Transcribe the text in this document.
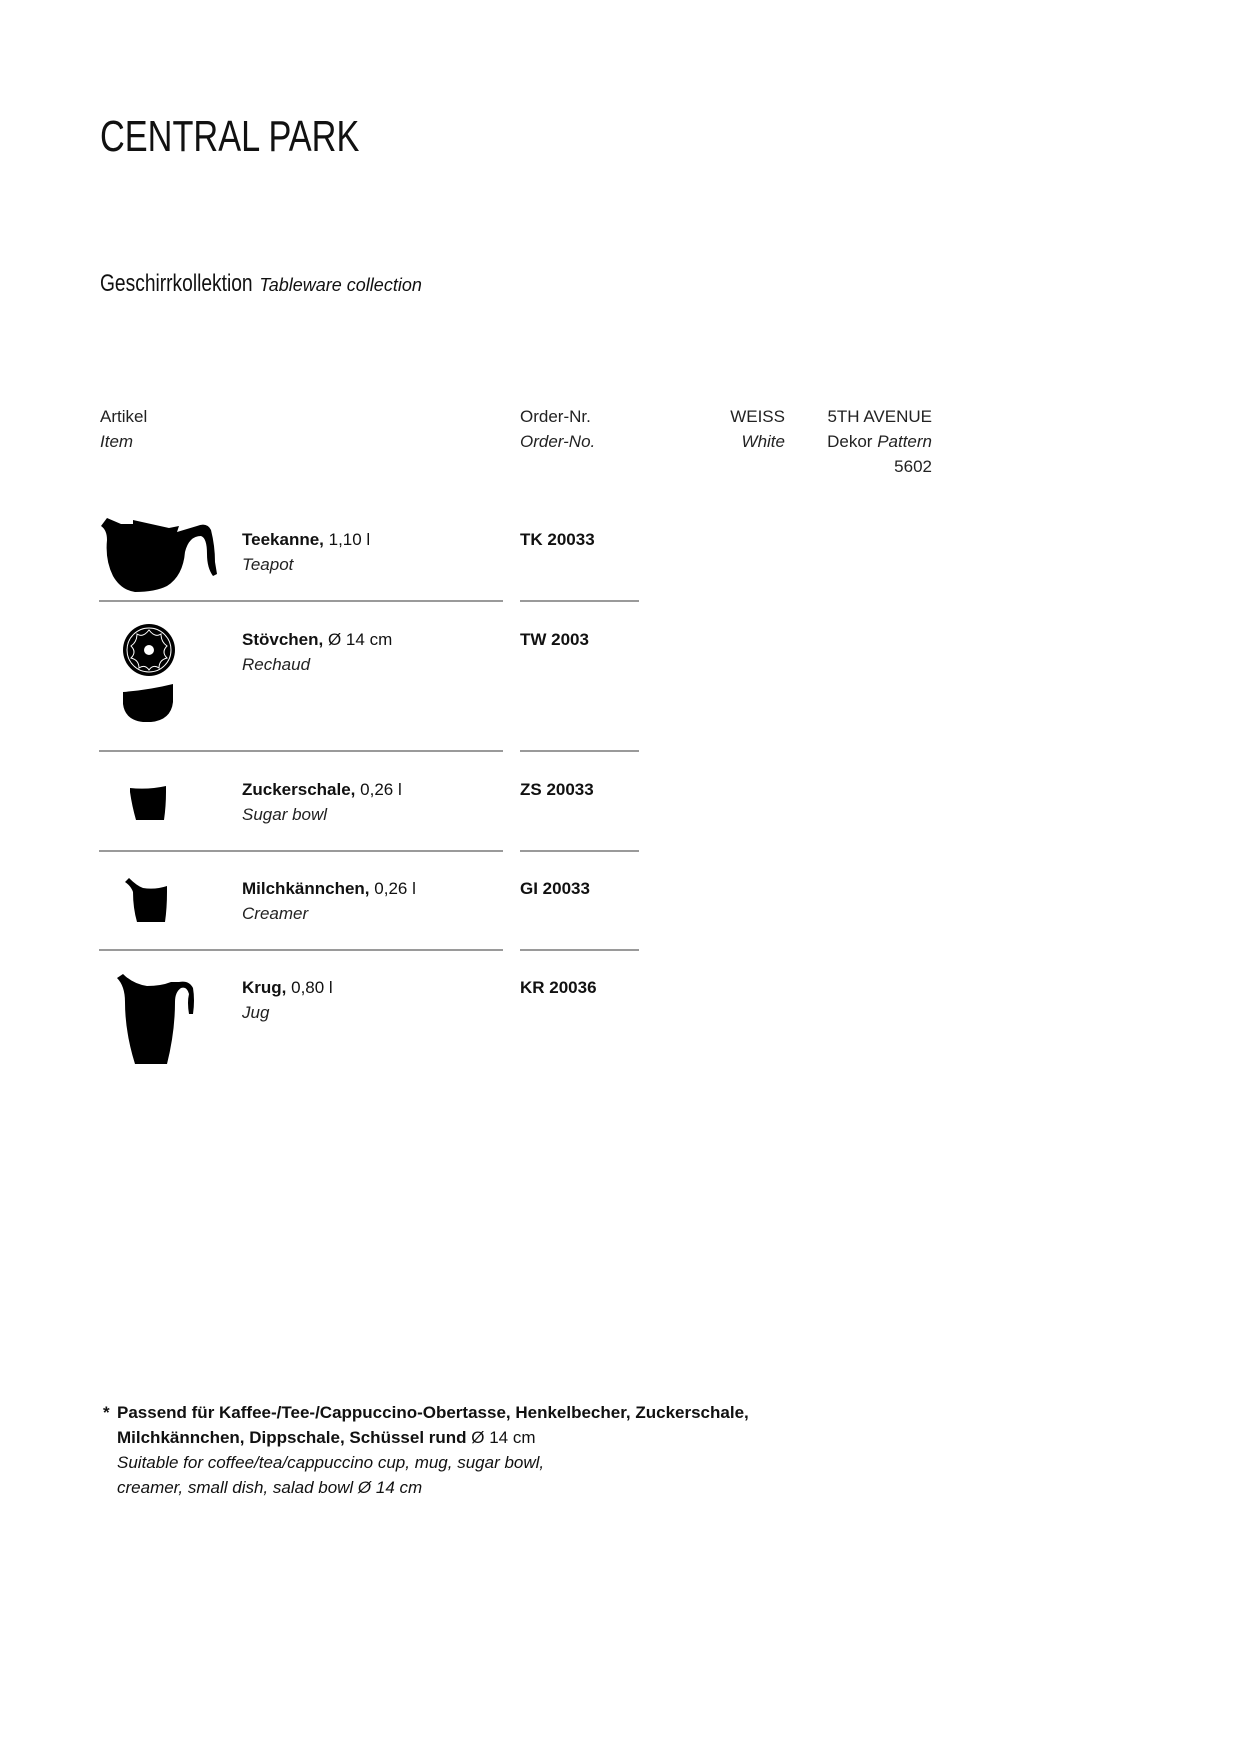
CENTRAL PARK
Geschirrkollektion Tableware collection
Artikel
Item
Order-Nr.
Order-No.
WEISS
White
5TH AVENUE
Dekor Pattern
5602
Teekanne, 1,10 l
Teapot
TK 20033
Stövchen, Ø 14 cm
Rechaud
TW 2003
Zuckerschale, 0,26 l
Sugar bowl
ZS 20033
Milchkännchen, 0,26 l
Creamer
GI 20033
Krug, 0,80 l
Jug
KR 20036
* Passend für Kaffee-/Tee-/Cappuccino-Obertasse, Henkelbecher, Zuckerschale,
Milchkännchen, Dippschale, Schüssel rund Ø 14 cm
Suitable for coffee/tea/cappuccino cup, mug, sugar bowl,
creamer, small dish, salad bowl Ø 14 cm
